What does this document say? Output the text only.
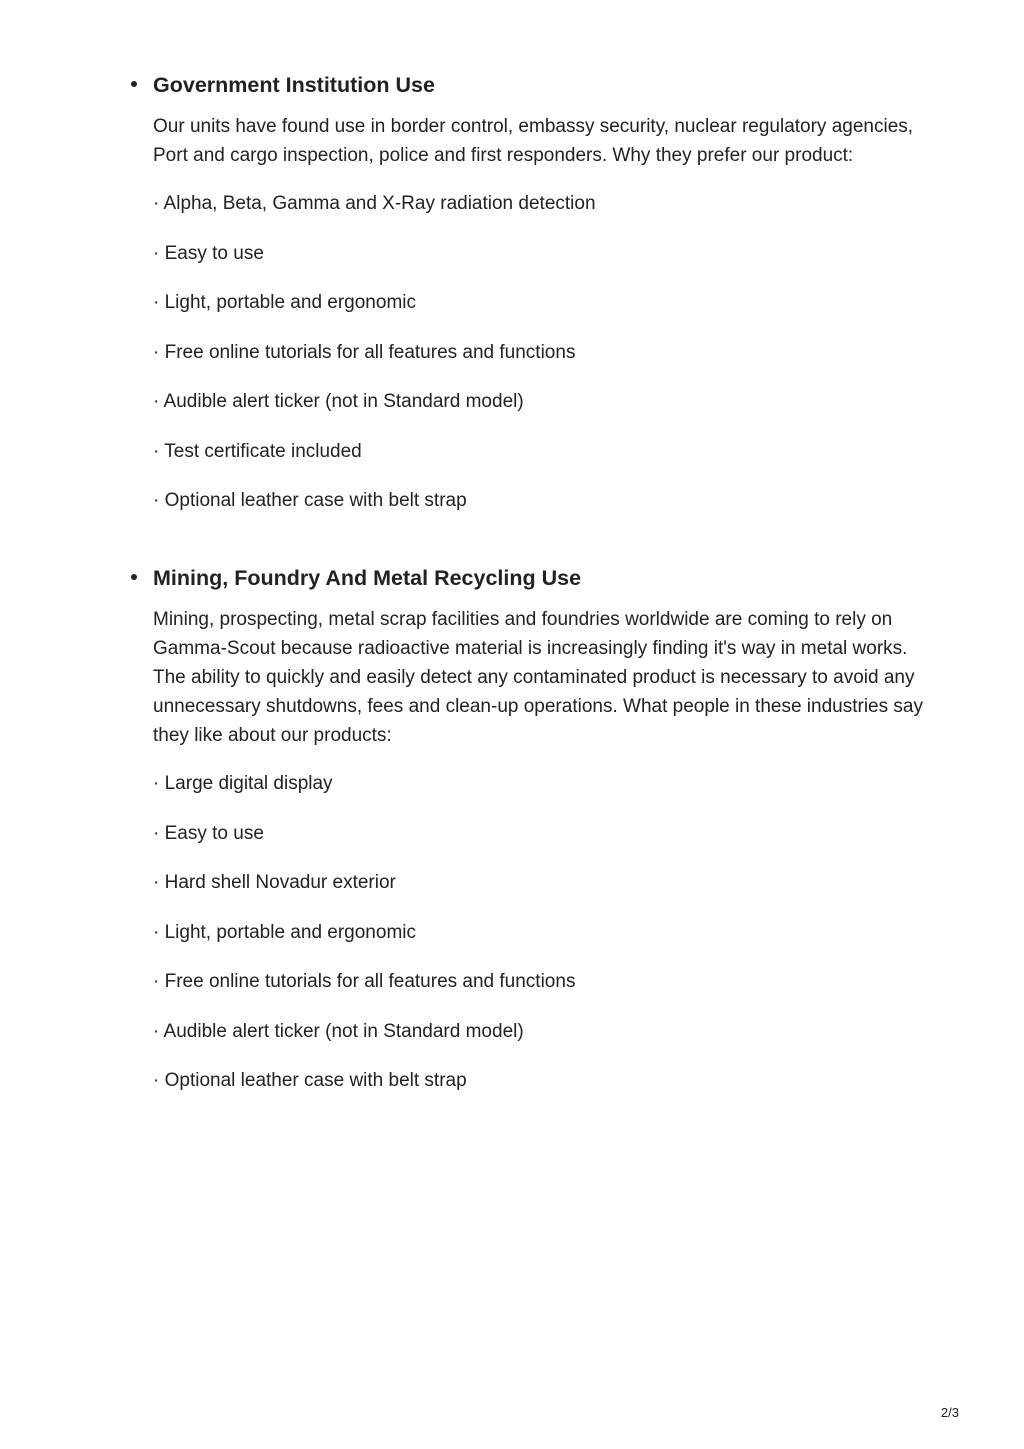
Government Institution Use

Our units have found use in border control, embassy security, nuclear regulatory agencies, Port and cargo inspection, police and first responders. Why they prefer our product:

· Alpha, Beta, Gamma and X-Ray radiation detection
· Easy to use
· Light, portable and ergonomic
· Free online tutorials for all features and functions
· Audible alert ticker (not in Standard model)
· Test certificate included
· Optional leather case with belt strap
Mining, Foundry And Metal Recycling Use

Mining, prospecting, metal scrap facilities and foundries worldwide are coming to rely on Gamma-Scout because radioactive material is increasingly finding it's way in metal works. The ability to quickly and easily detect any contaminated product is necessary to avoid any unnecessary shutdowns, fees and clean-up operations. What people in these industries say they like about our products:

· Large digital display
· Easy to use
· Hard shell Novadur exterior
· Light, portable and ergonomic
· Free online tutorials for all features and functions
· Audible alert ticker (not in Standard model)
· Optional leather case with belt strap
2/3
